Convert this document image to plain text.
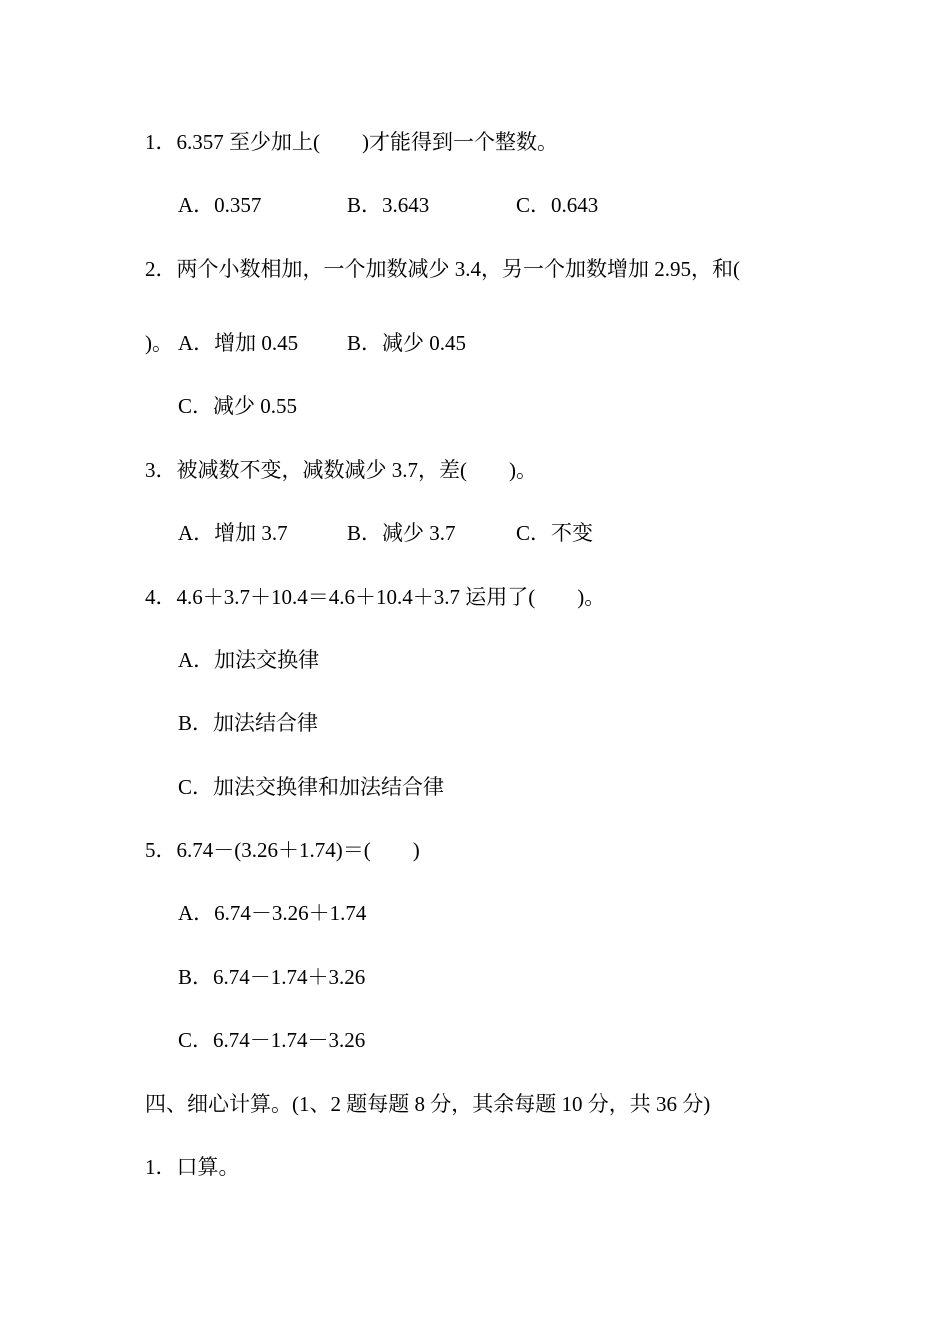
1．6.357 至少加上(　　)才能得到一个整数。

A．0.357	B．3.643	C．0.643

2．两个小数相加，一个加数减少 3.4，另一个加数增加 2.95，和(

)。 A．增加 0.45 B．减少 0.45

C．减少 0.55

3．被减数不变，减数减少 3.7，差(　　)。

A．增加 3.7	B．减少 3.7	C．不变

4．4.6＋3.7＋10.4＝4.6＋10.4＋3.7 运用了(　　)。

A．加法交换律

B．加法结合律

C．加法交换律和加法结合律

5．6.74－(3.26＋1.74)＝(　　)

A．6.74－3.26＋1.74

B．6.74－1.74＋3.26

C．6.74－1.74－3.26

四、细心计算。(1、2 题每题 8 分，其余每题 10 分，共 36 分)

1．口算。
